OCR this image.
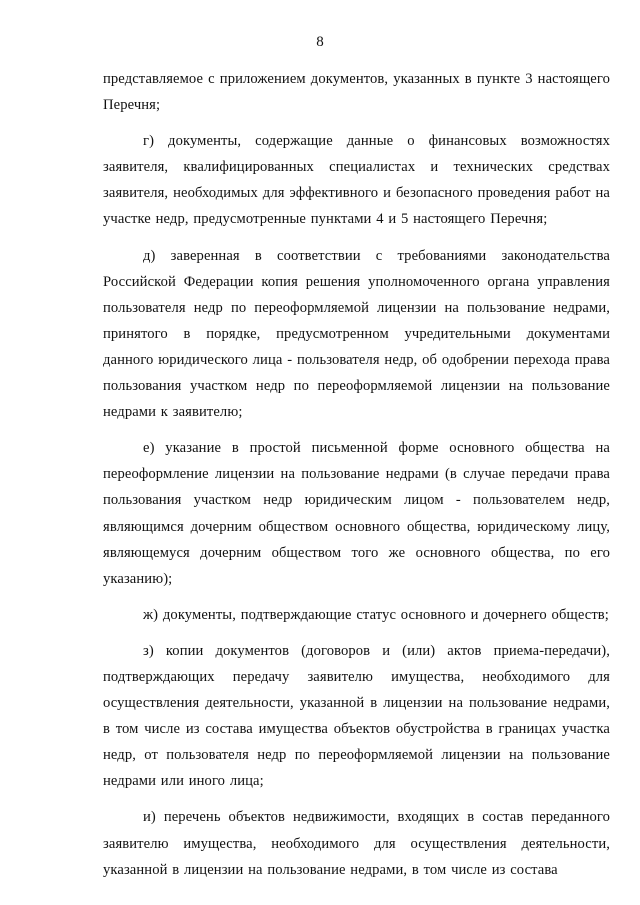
8

представляемое с приложением документов, указанных в пункте 3 настоящего Перечня;

г) документы, содержащие данные о финансовых возможностях заявителя, квалифицированных специалистах и технических средствах заявителя, необходимых для эффективного и безопасного проведения работ на участке недр, предусмотренные пунктами 4 и 5 настоящего Перечня;

д) заверенная в соответствии с требованиями законодательства Российской Федерации копия решения уполномоченного органа управления пользователя недр по переоформляемой лицензии на пользование недрами, принятого в порядке, предусмотренном учредительными документами данного юридического лица - пользователя недр, об одобрении перехода права пользования участком недр по переоформляемой лицензии на пользование недрами к заявителю;

е) указание в простой письменной форме основного общества на переоформление лицензии на пользование недрами (в случае передачи права пользования участком недр юридическим лицом - пользователем недр, являющимся дочерним обществом основного общества, юридическому лицу, являющемуся дочерним обществом того же основного общества, по его указанию);

ж) документы, подтверждающие статус основного и дочернего обществ;

з) копии документов (договоров и (или) актов приема-передачи), подтверждающих передачу заявителю имущества, необходимого для осуществления деятельности, указанной в лицензии на пользование недрами, в том числе из состава имущества объектов обустройства в границах участка недр, от пользователя недр по переоформляемой лицензии на пользование недрами или иного лица;

и) перечень объектов недвижимости, входящих в состав переданного заявителю имущества, необходимого для осуществления деятельности, указанной в лицензии на пользование недрами, в том числе из состава
